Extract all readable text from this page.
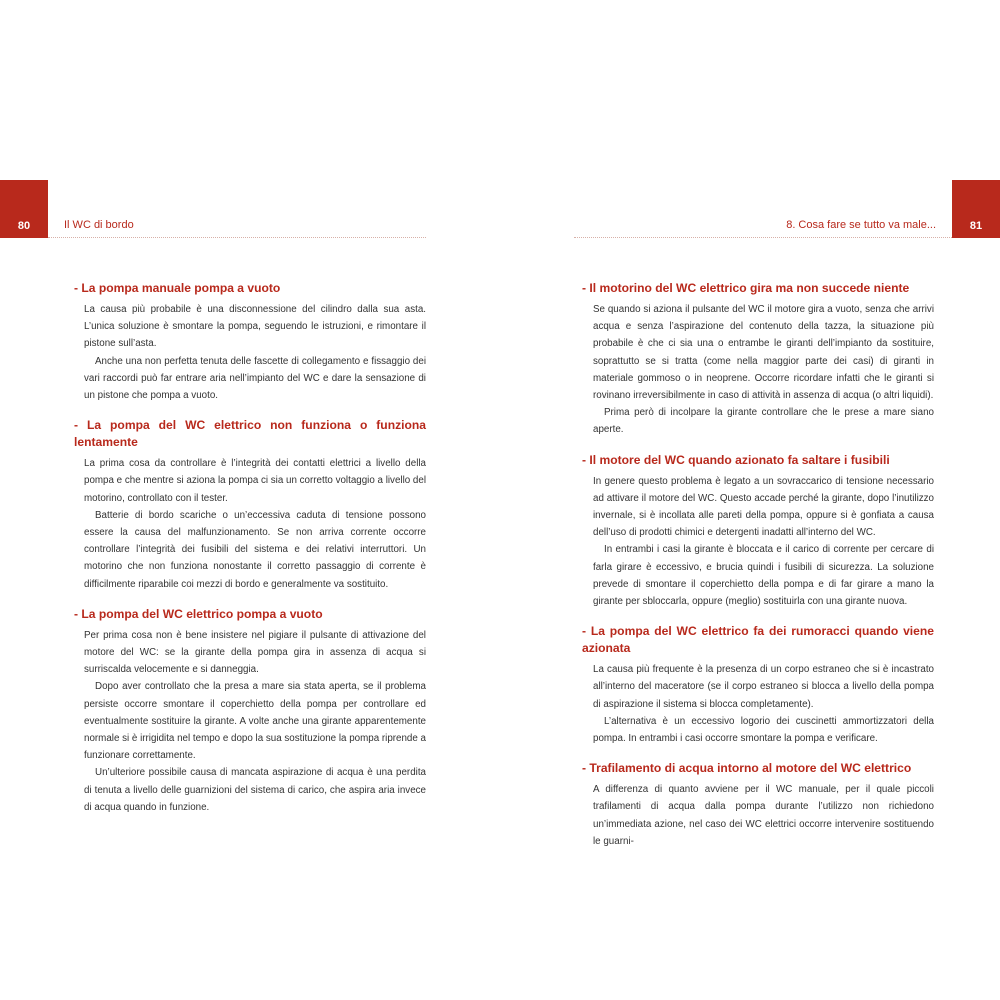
80	Il WC di bordo	81
8. Cosa fare se tutto va male...
- La pompa manuale pompa a vuoto

La causa più probabile è una disconnessione del cilindro dalla sua asta. L’unica soluzione è smontare la pompa, seguendo le istruzioni, e rimontare il pistone sull’asta.

Anche una non perfetta tenuta delle fascette di collegamento e fissaggio dei vari raccordi può far entrare aria nell’impianto del WC e dare la sensazione di un pistone che pompa a vuoto.

- La pompa del WC elettrico non funziona o funziona lentamente

La prima cosa da controllare è l’integrità dei contatti elettrici a livello della pompa e che mentre si aziona la pompa ci sia un corretto voltaggio a livello del motorino, controllato con il tester.

Batterie di bordo scariche o un’eccessiva caduta di tensione possono essere la causa del malfunzionamento. Se non arriva corrente occorre controllare l’integrità dei fusibili del sistema e dei relativi interruttori. Un motorino che non funziona nonostante il corretto passaggio di corrente è difficilmente riparabile coi mezzi di bordo e generalmente va sostituito.

- La pompa del WC elettrico pompa a vuoto

Per prima cosa non è bene insistere nel pigiare il pulsante di attivazione del motore del WC: se la girante della pompa gira in assenza di acqua si surriscalda velocemente e si danneggia.

Dopo aver controllato che la presa a mare sia stata aperta, se il problema persiste occorre smontare il coperchietto della pompa per controllare ed eventualmente sostituire la girante. A volte anche una girante apparentemente normale si è irrigidita nel tempo e dopo la sua sostituzione la pompa riprende a funzionare correttamente.

Un’ulteriore possibile causa di mancata aspirazione di acqua è una perdita di tenuta a livello delle guarnizioni del sistema di carico, che aspira aria invece di acqua quando in funzione.

- Il motorino del WC elettrico gira ma non succede niente

Se quando si aziona il pulsante del WC il motore gira a vuoto, senza che arrivi acqua e senza l’aspirazione del contenuto della tazza, la situazione più probabile è che ci sia una o entrambe le giranti dell’impianto da sostituire, soprattutto se si tratta (come nella maggior parte dei casi) di giranti in materiale gommoso o in neoprene. Occorre ricordare infatti che le giranti si rovinano irreversibilmente in caso di attività in assenza di acqua (o altri liquidi).

Prima però di incolpare la girante controllare che le prese a mare siano aperte.

- Il motore del WC quando azionato fa saltare i fusibili

In genere questo problema è legato a un sovraccarico di tensione necessario ad attivare il motore del WC. Questo accade perché la girante, dopo l’inutilizzo invernale, si è incollata alle pareti della pompa, oppure si è gonfiata a causa dell’uso di prodotti chimici e detergenti inadatti all’interno del WC.

In entrambi i casi la girante è bloccata e il carico di corrente per cercare di farla girare è eccessivo, e brucia quindi i fusibili di sicurezza. La soluzione prevede di smontare il coperchietto della pompa e di far girare a mano la girante per sbloccarla, oppure (meglio) sostituirla con una girante nuova.

- La pompa del WC elettrico fa dei rumoracci quando viene azionata

La causa più frequente è la presenza di un corpo estraneo che si è incastrato all’interno del maceratore (se il corpo estraneo si blocca a livello della pompa di aspirazione il sistema si blocca completamente).

L’alternativa è un eccessivo logorio dei cuscinetti ammortizzatori della pompa. In entrambi i casi occorre smontare la pompa e verificare.

- Trafilamento di acqua intorno al motore del WC elettrico

A differenza di quanto avviene per il WC manuale, per il quale piccoli trafilamenti di acqua dalla pompa durante l’utilizzo non richiedono un’immediata azione, nel caso dei WC elettrici occorre intervenire sostituendo le guarni-
